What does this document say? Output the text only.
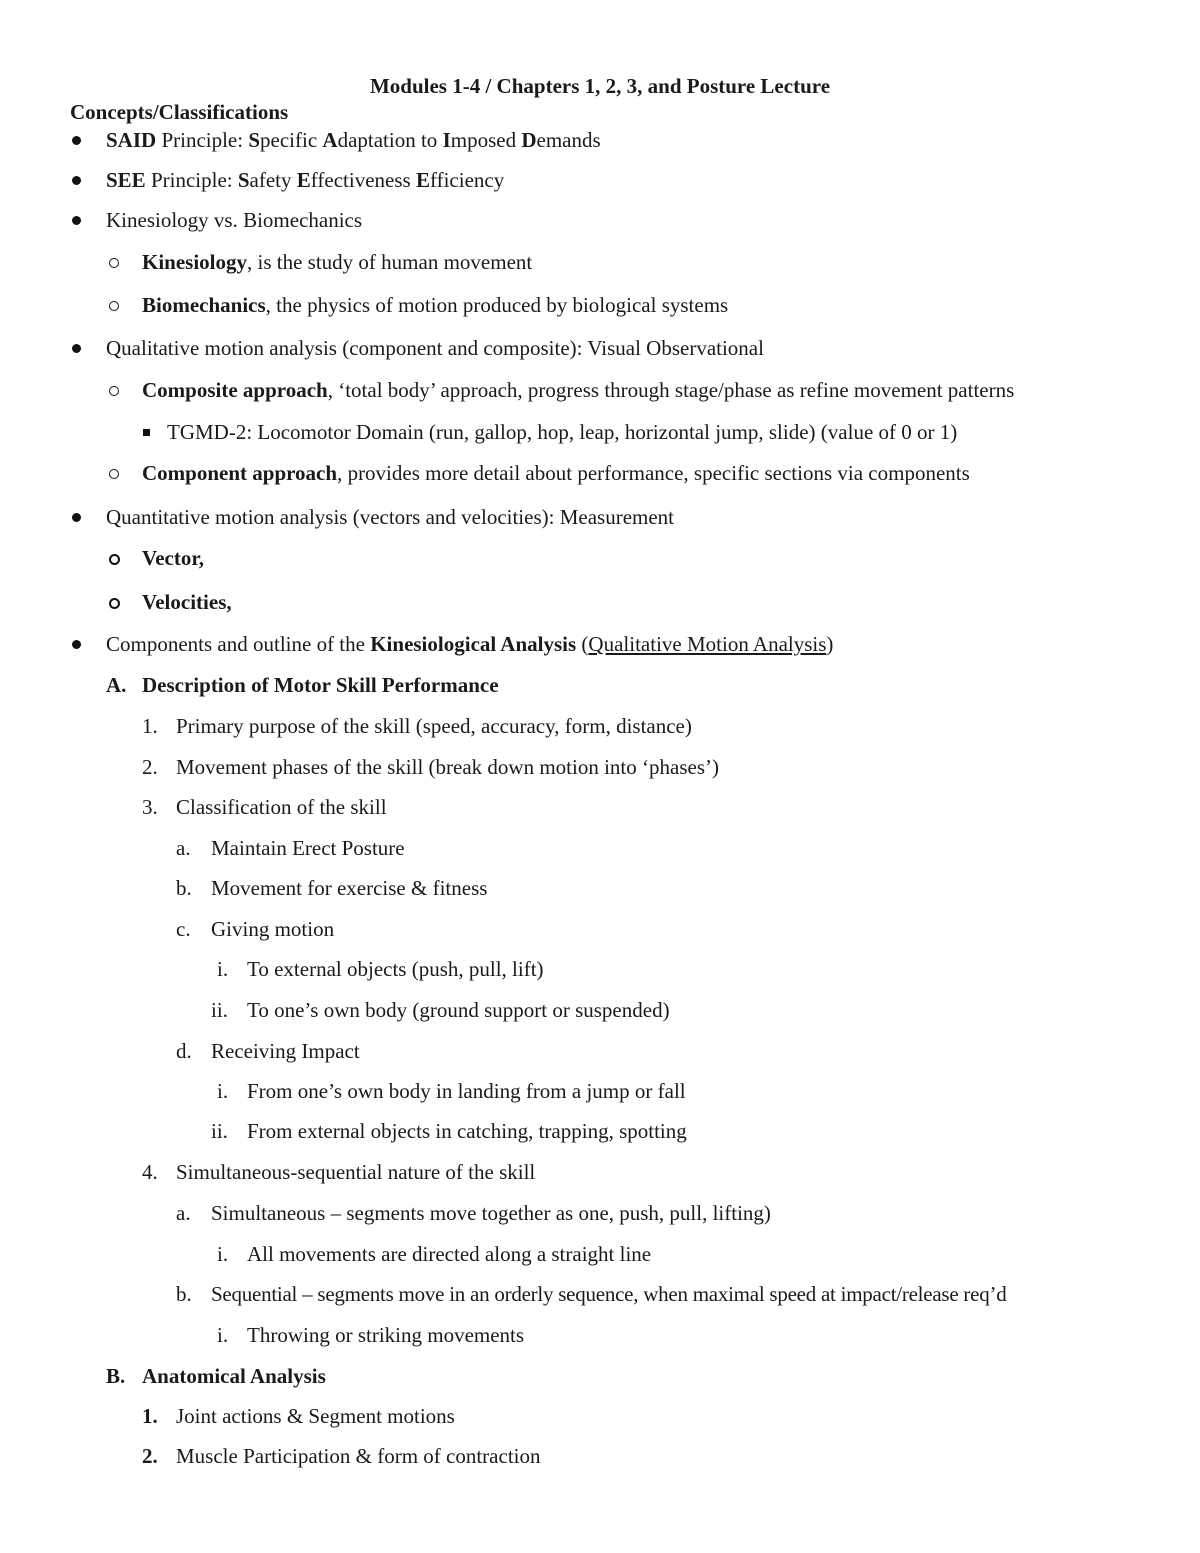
Modules 1-4 / Chapters 1, 2, 3, and Posture Lecture
Concepts/Classifications
SAID Principle: Specific Adaptation to Imposed Demands
SEE Principle: Safety Effectiveness Efficiency
Kinesiology vs. Biomechanics
Kinesiology, is the study of human movement
Biomechanics, the physics of motion produced by biological systems
Qualitative motion analysis (component and composite): Visual Observational
Composite approach, ‘total body’ approach, progress through stage/phase as refine movement patterns
TGMD-2: Locomotor Domain (run, gallop, hop, leap, horizontal jump, slide) (value of 0 or 1)
Component approach, provides more detail about performance, specific sections via components
Quantitative motion analysis (vectors and velocities): Measurement
Vector,
Velocities,
Components and outline of the Kinesiological Analysis (Qualitative Motion Analysis)
A. Description of Motor Skill Performance
1. Primary purpose of the skill (speed, accuracy, form, distance)
2. Movement phases of the skill (break down motion into ‘phases’)
3. Classification of the skill
a. Maintain Erect Posture
b. Movement for exercise & fitness
c. Giving motion
i. To external objects (push, pull, lift)
ii. To one’s own body (ground support or suspended)
d. Receiving Impact
i. From one’s own body in landing from a jump or fall
ii. From external objects in catching, trapping, spotting
4. Simultaneous-sequential nature of the skill
a. Simultaneous – segments move together as one, push, pull, lifting)
i. All movements are directed along a straight line
b. Sequential – segments move in an orderly sequence, when maximal speed at impact/release req’d
i. Throwing or striking movements
B. Anatomical Analysis
1. Joint actions & Segment motions
2. Muscle Participation & form of contraction
